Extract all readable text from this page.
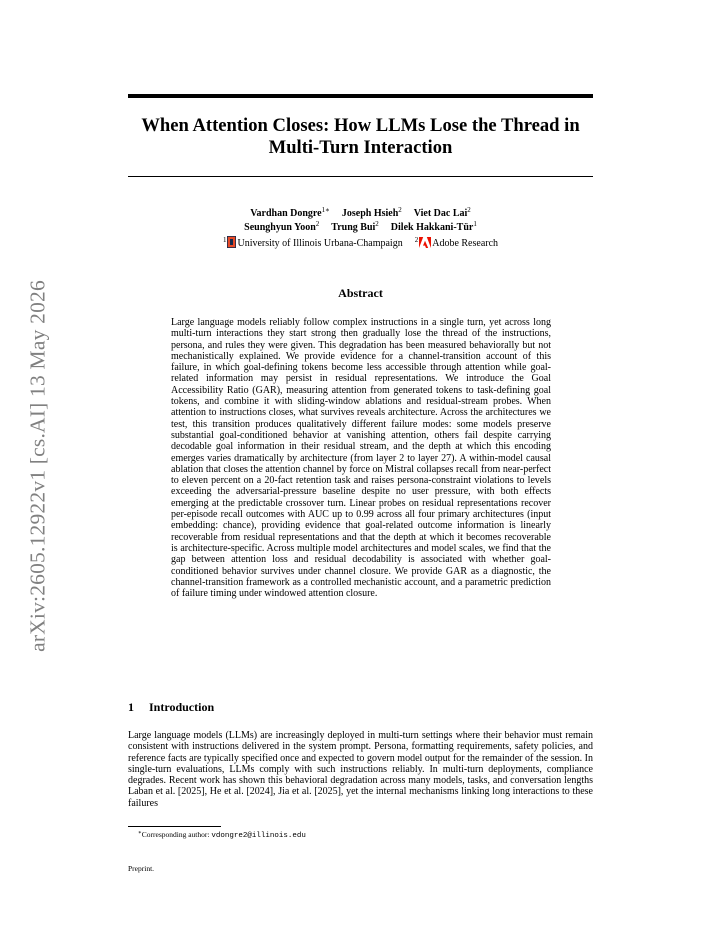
arXiv:2605.12922v1 [cs.AI] 13 May 2026
When Attention Closes: How LLMs Lose the Thread in Multi-Turn Interaction
Vardhan Dongre$^{1∗}$ Joseph Hsieh$^2$ Viet Dac Lai$^2$
Seunghyun Yoon$^2$ Trung Bui$^2$ Dilek Hakkani-Tür$^1$
$^1$ University of Illinois Urbana-Champaign $^2$ Adobe Research
Abstract

Large language models reliably follow complex instructions in a single turn, yet across long multi-turn interactions they start strong then gradually lose the thread of the instructions, persona, and rules they were given. This degradation has been measured behaviorally but not mechanistically explained. We provide evidence for a channel-transition account of this failure, in which goal-defining tokens become less accessible through attention while goal-related information may persist in residual representations. We introduce the Goal Accessibility Ratio (GAR), measuring attention from generated tokens to task-defining goal tokens, and combine it with sliding-window ablations and residual-stream probes. When attention to instructions closes, what survives reveals architecture. Across the architectures we test, this transition produces qualitatively different failure modes: some models preserve substantial goal-conditioned behavior at vanishing attention, others fail despite carrying decodable goal information in their residual stream, and the depth at which this encoding emerges varies dramatically by architecture (from layer 2 to layer 27). A within-model causal ablation that closes the attention channel by force on Mistral collapses recall from near-perfect to eleven percent on a 20-fact retention task and raises persona-constraint violations to levels exceeding the adversarial-pressure baseline despite no user pressure, with both effects emerging at the predictable crossover turn. Linear probes on residual representations recover per-episode recall outcomes with AUC up to 0.99 across all four primary architectures (input embedding: chance), providing evidence that goal-related outcome information is linearly recoverable from residual representations and that the depth at which it becomes recoverable is architecture-specific. Across multiple model architectures and model scales, we find that the gap between attention loss and residual decodability is associated with whether goal-conditioned behavior survives under channel closure. We provide GAR as a diagnostic, the channel-transition framework as a controlled mechanistic account, and a parametric prediction of failure timing under windowed attention closure.

1 Introduction

Large language models (LLMs) are increasingly deployed in multi-turn settings where their behavior must remain consistent with instructions delivered in the system prompt. Persona, formatting requirements, safety policies, and reference facts are typically specified once and expected to govern model output for the remainder of the session. In single-turn evaluations, LLMs comply with such instructions reliably. In multi-turn deployments, compliance degrades. Recent work has shown this behavioral degradation across many models, tasks, and conversation lengths Laban et al. [2025], He et al. [2024], Jia et al. [2025], yet the internal mechanisms linking long interactions to these failures

∗Corresponding author: vdongre2@illinois.edu

Preprint.
